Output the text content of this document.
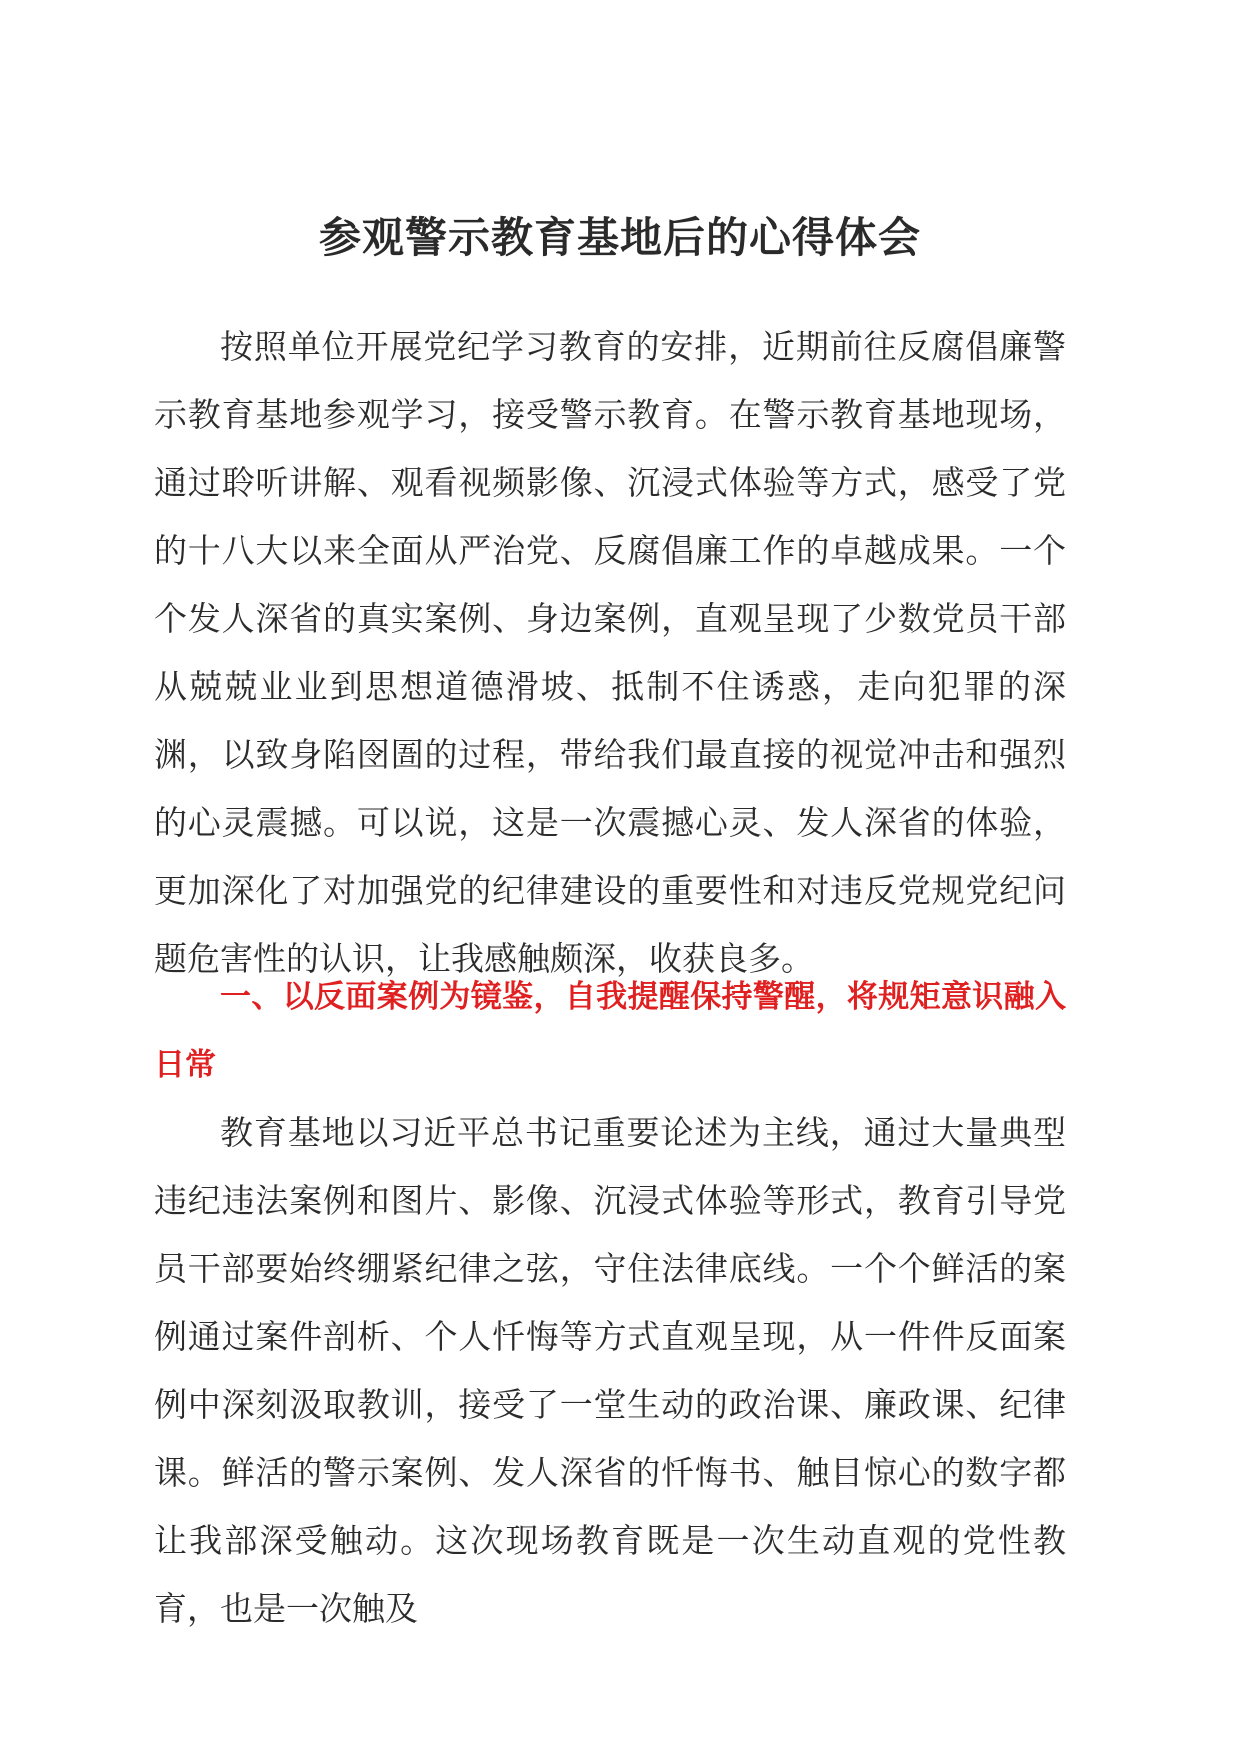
参观警示教育基地后的心得体会

按照单位开展党纪学习教育的安排，近期前往反腐倡廉警示教育基地参观学习，接受警示教育。在警示教育基地现场，通过聆听讲解、观看视频影像、沉浸式体验等方式，感受了党的十八大以来全面从严治党、反腐倡廉工作的卓越成果。一个个发人深省的真实案例、身边案例，直观呈现了少数党员干部从兢兢业业到思想道德滑坡、抵制不住诱惑，走向犯罪的深渊，以致身陷囹圄的过程，带给我们最直接的视觉冲击和强烈的心灵震撼。可以说，这是一次震撼心灵、发人深省的体验，更加深化了对加强党的纪律建设的重要性和对违反党规党纪问题危害性的认识，让我感触颇深，收获良多。

一、以反面案例为镜鉴，自我提醒保持警醒，将规矩意识融入日常

教育基地以习近平总书记重要论述为主线，通过大量典型违纪违法案例和图片、影像、沉浸式体验等形式，教育引导党员干部要始终绷紧纪律之弦，守住法律底线。一个个鲜活的案例通过案件剖析、个人忏悔等方式直观呈现，从一件件反面案例中深刻汲取教训，接受了一堂生动的政治课、廉政课、纪律课。鲜活的警示案例、发人深省的忏悔书、触目惊心的数字都让我部深受触动。这次现场教育既是一次生动直观的党性教育，也是一次触及
